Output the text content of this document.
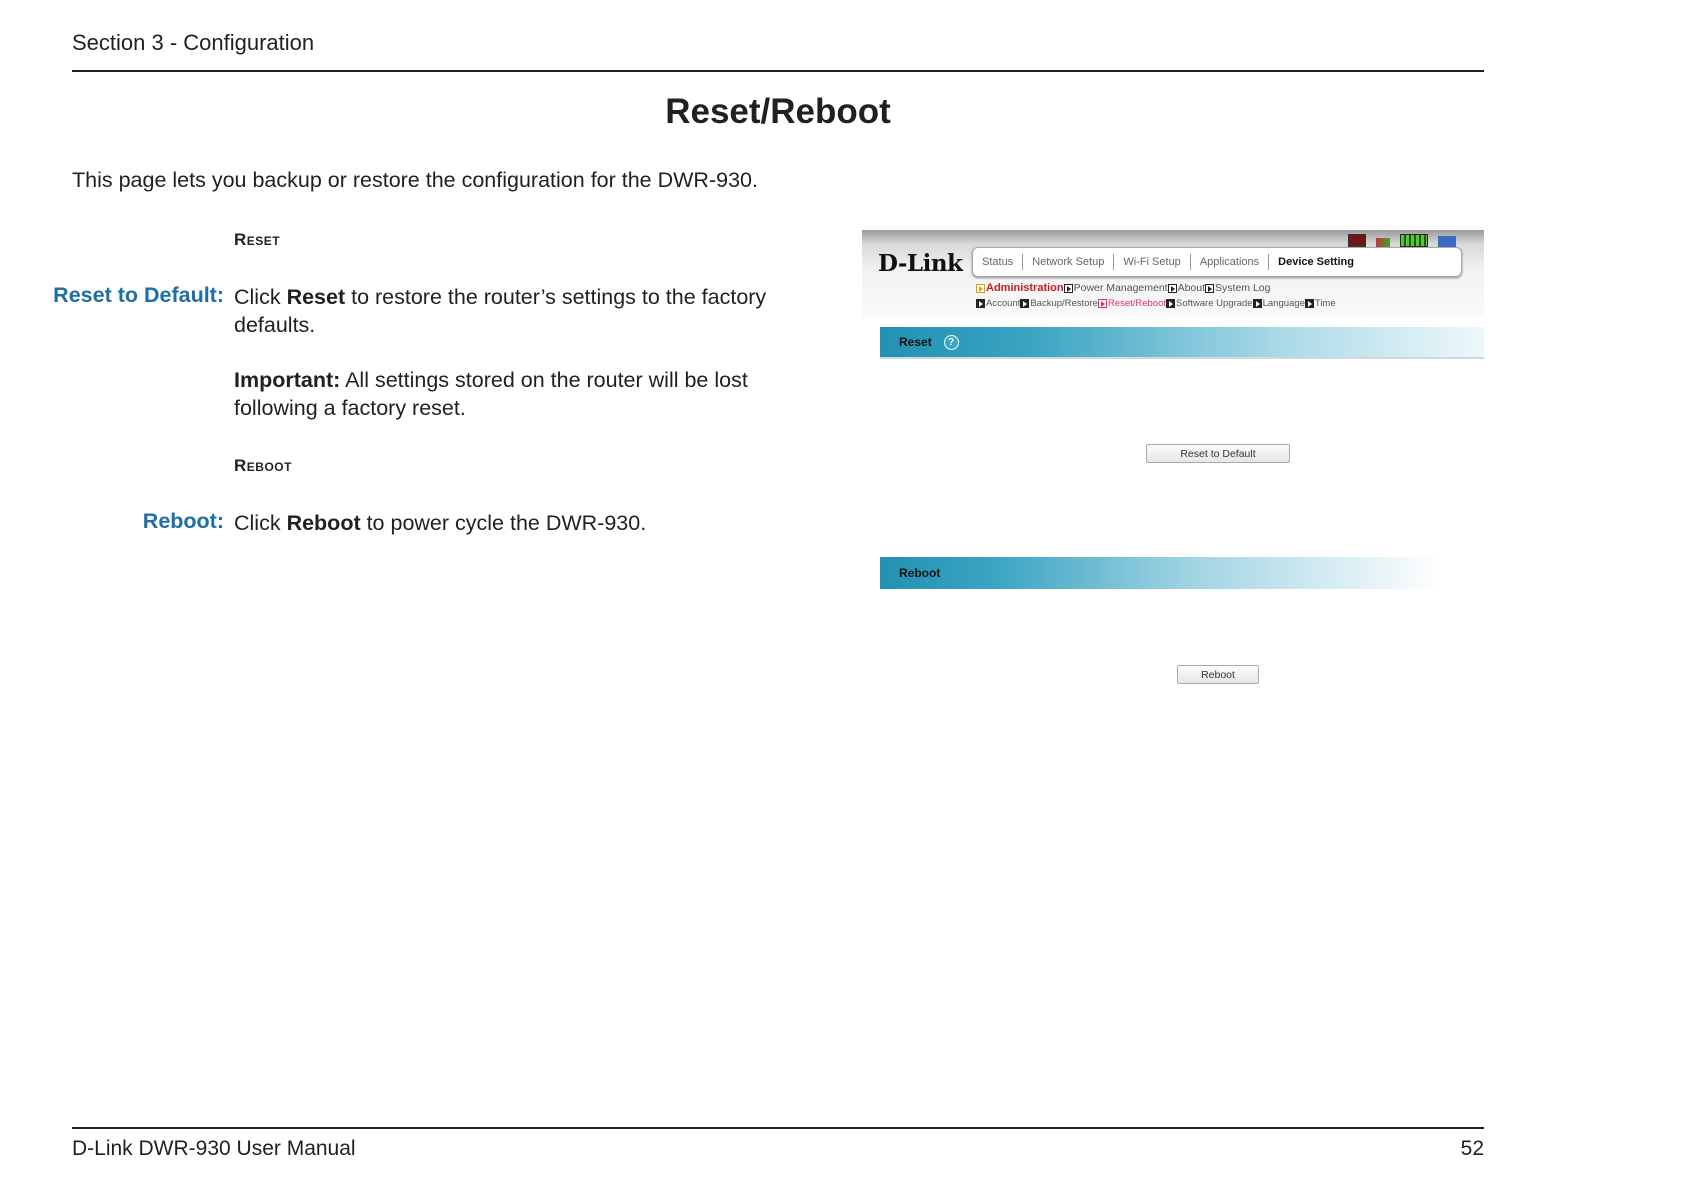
Section 3 - Configuration
Reset/Reboot
This page lets you backup or restore the configuration for the DWR-930.
Reset
Reset to Default: Click Reset to restore the router’s settings to the factory defaults.
Important: All settings stored on the router will be lost following a factory reset.
Reboot
Reboot: Click Reboot to power cycle the DWR-930.
D-Link	Status	Network Setup	Wi-Fi Setup	Applications	Device Setting
Administration Power Management About System Log
Account Backup/Restore Reset/Reboot Software Upgrade Language Time
Reset	?
Reset to Default
Reboot
Reboot
D-Link DWR-930 User Manual	52
